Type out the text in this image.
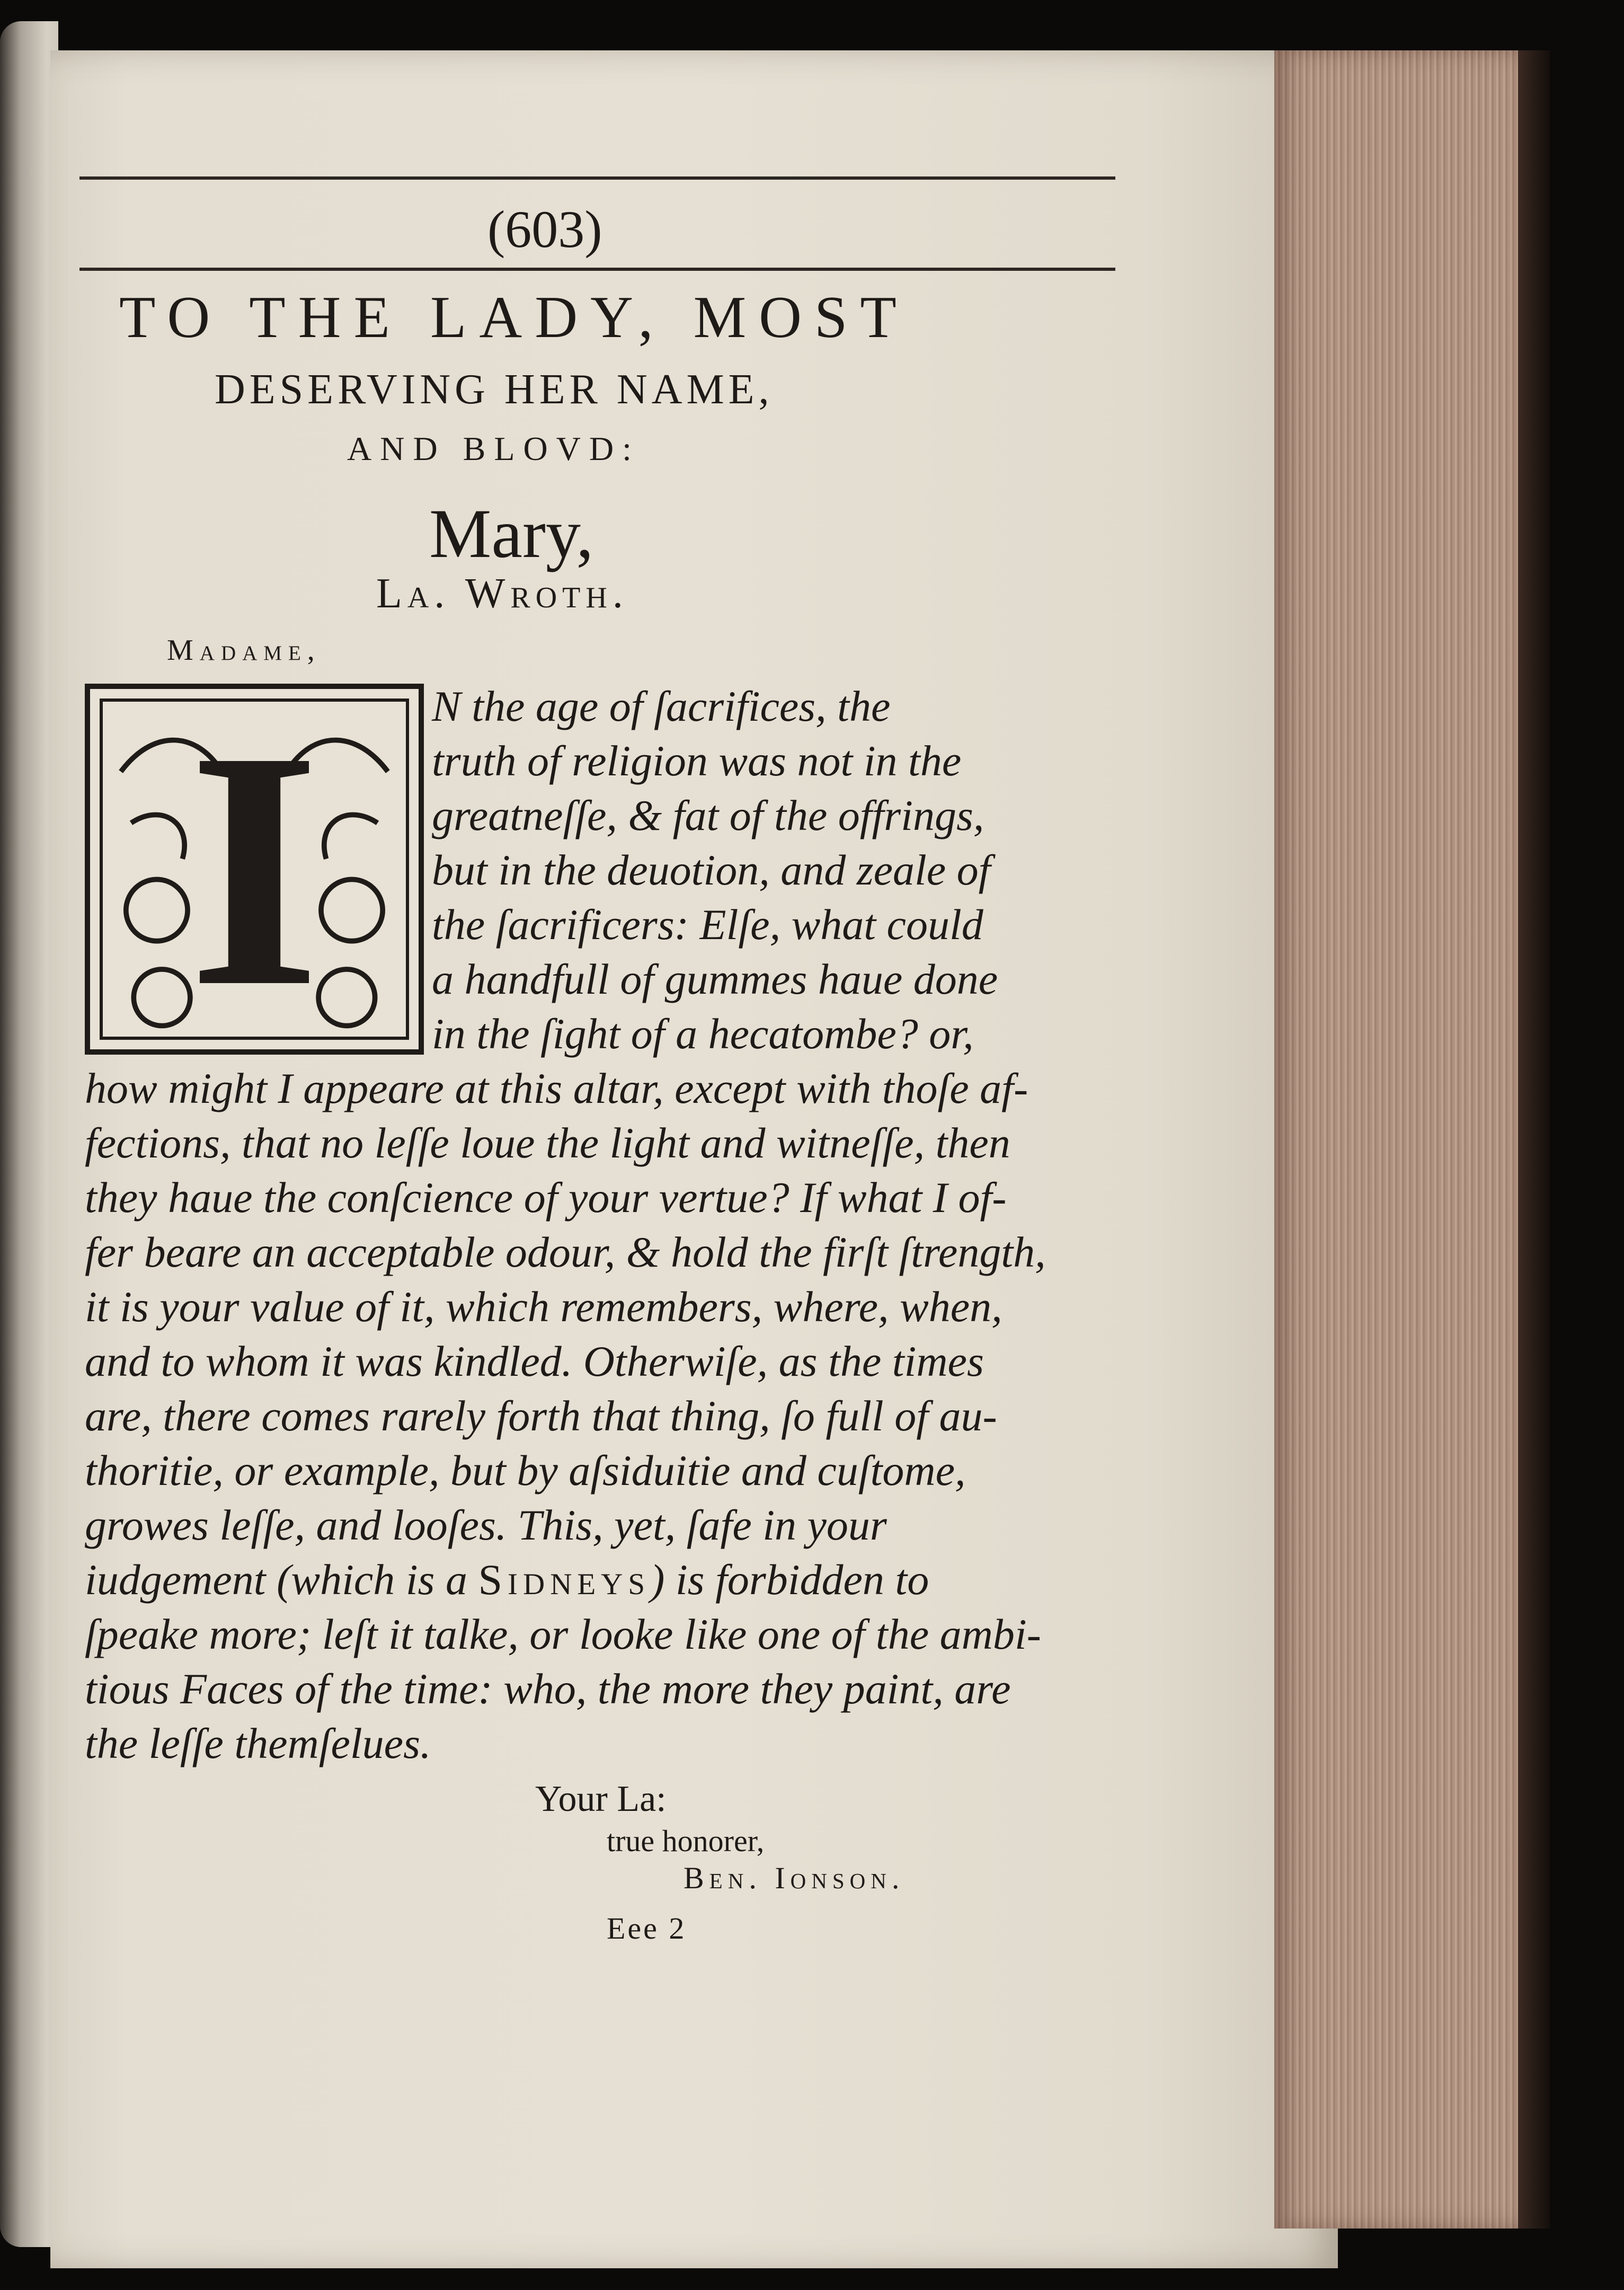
(603)
TO THE LADY, MOST
DESERVING HER NAME,
AND BLOVD:
Mary,
La. Wroth.
Madame,
I	N the age of ſacrifices, the
truth of religion was not in the
greatneſſe, & fat of the offrings,
but in the deuotion, and zeale of
the ſacrificers: Elſe, what could
a handfull of gummes haue done
in the ſight of a hecatombe? or,
how might I appeare at this altar, except with thoſe af-
fections, that no leſſe loue the light and witneſſe, then
they haue the conſcience of your vertue? If what I of-
fer beare an acceptable odour, & hold the firſt ſtrength,
it is your value of it, which remembers, where, when,
and to whom it was kindled. Otherwiſe, as the times
are, there comes rarely forth that thing, ſo full of au-
thoritie, or example, but by aſsiduitie and cuſtome,
growes leſſe, and looſes. This, yet, ſafe in your
iudgement (which is a Sidneys) is forbidden to
ſpeake more; leſt it talke, or looke like one of the ambi-
tious Faces of the time: who, the more they paint, are
the leſſe themſelues.
Your La:
true honorer,
Ben. Ionson.
Eee 2
